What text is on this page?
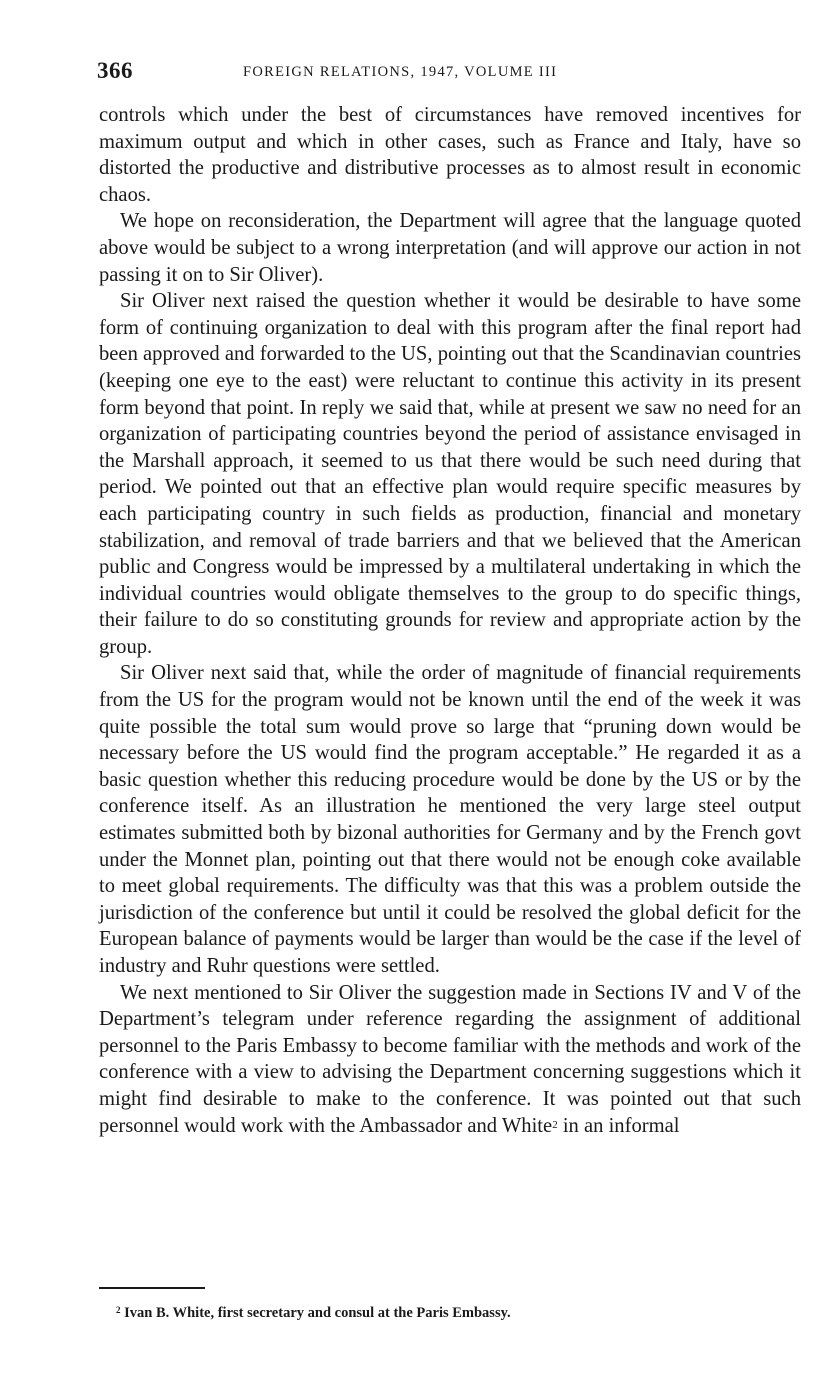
366	FOREIGN RELATIONS, 1947, VOLUME III

controls which under the best of circumstances have removed incentives for maximum output and which in other cases, such as France and Italy, have so distorted the productive and distributive processes as to almost result in economic chaos.

We hope on reconsideration, the Department will agree that the language quoted above would be subject to a wrong interpretation (and will approve our action in not passing it on to Sir Oliver).

Sir Oliver next raised the question whether it would be desirable to have some form of continuing organization to deal with this program after the final report had been approved and forwarded to the US, pointing out that the Scandinavian countries (keeping one eye to the east) were reluctant to continue this activity in its present form beyond that point. In reply we said that, while at present we saw no need for an organization of participating countries beyond the period of assistance envisaged in the Marshall approach, it seemed to us that there would be such need during that period. We pointed out that an effective plan would require specific measures by each participating country in such fields as production, financial and monetary stabilization, and removal of trade barriers and that we believed that the American public and Congress would be impressed by a multilateral undertaking in which the individual countries would obligate themselves to the group to do specific things, their failure to do so constituting grounds for review and appropriate action by the group.

Sir Oliver next said that, while the order of magnitude of financial requirements from the US for the program would not be known until the end of the week it was quite possible the total sum would prove so large that “pruning down would be necessary before the US would find the program acceptable.” He regarded it as a basic question whether this reducing procedure would be done by the US or by the conference itself. As an illustration he mentioned the very large steel output estimates submitted both by bizonal authorities for Germany and by the French govt under the Monnet plan, pointing out that there would not be enough coke available to meet global requirements. The difficulty was that this was a problem outside the jurisdiction of the conference but until it could be resolved the global deficit for the European balance of payments would be larger than would be the case if the level of industry and Ruhr questions were settled.

We next mentioned to Sir Oliver the suggestion made in Sections IV and V of the Department’s telegram under reference regarding the assignment of additional personnel to the Paris Embassy to become familiar with the methods and work of the conference with a view to advising the Department concerning suggestions which it might find desirable to make to the conference. It was pointed out that such personnel would work with the Ambassador and White$^2$ in an informal

$^2$ Ivan B. White, first secretary and consul at the Paris Embassy.
